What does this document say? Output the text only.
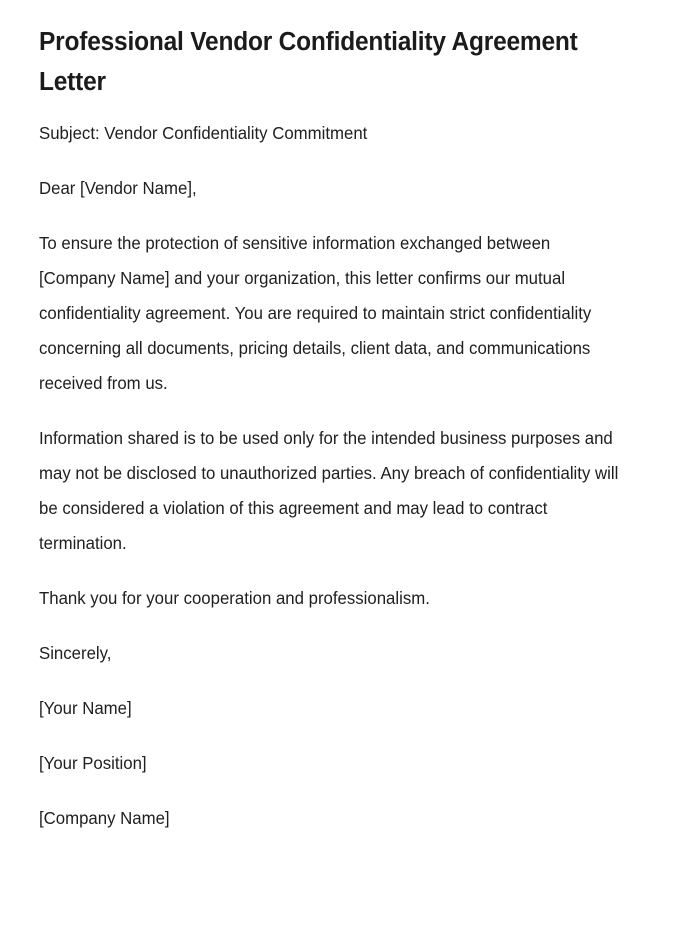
Professional Vendor Confidentiality Agreement Letter

Subject: Vendor Confidentiality Commitment

Dear [Vendor Name],

To ensure the protection of sensitive information exchanged between [Company Name] and your organization, this letter confirms our mutual confidentiality agreement. You are required to maintain strict confidentiality concerning all documents, pricing details, client data, and communications received from us.

Information shared is to be used only for the intended business purposes and may not be disclosed to unauthorized parties. Any breach of confidentiality will be considered a violation of this agreement and may lead to contract termination.

Thank you for your cooperation and professionalism.

Sincerely,

[Your Name]

[Your Position]

[Company Name]
